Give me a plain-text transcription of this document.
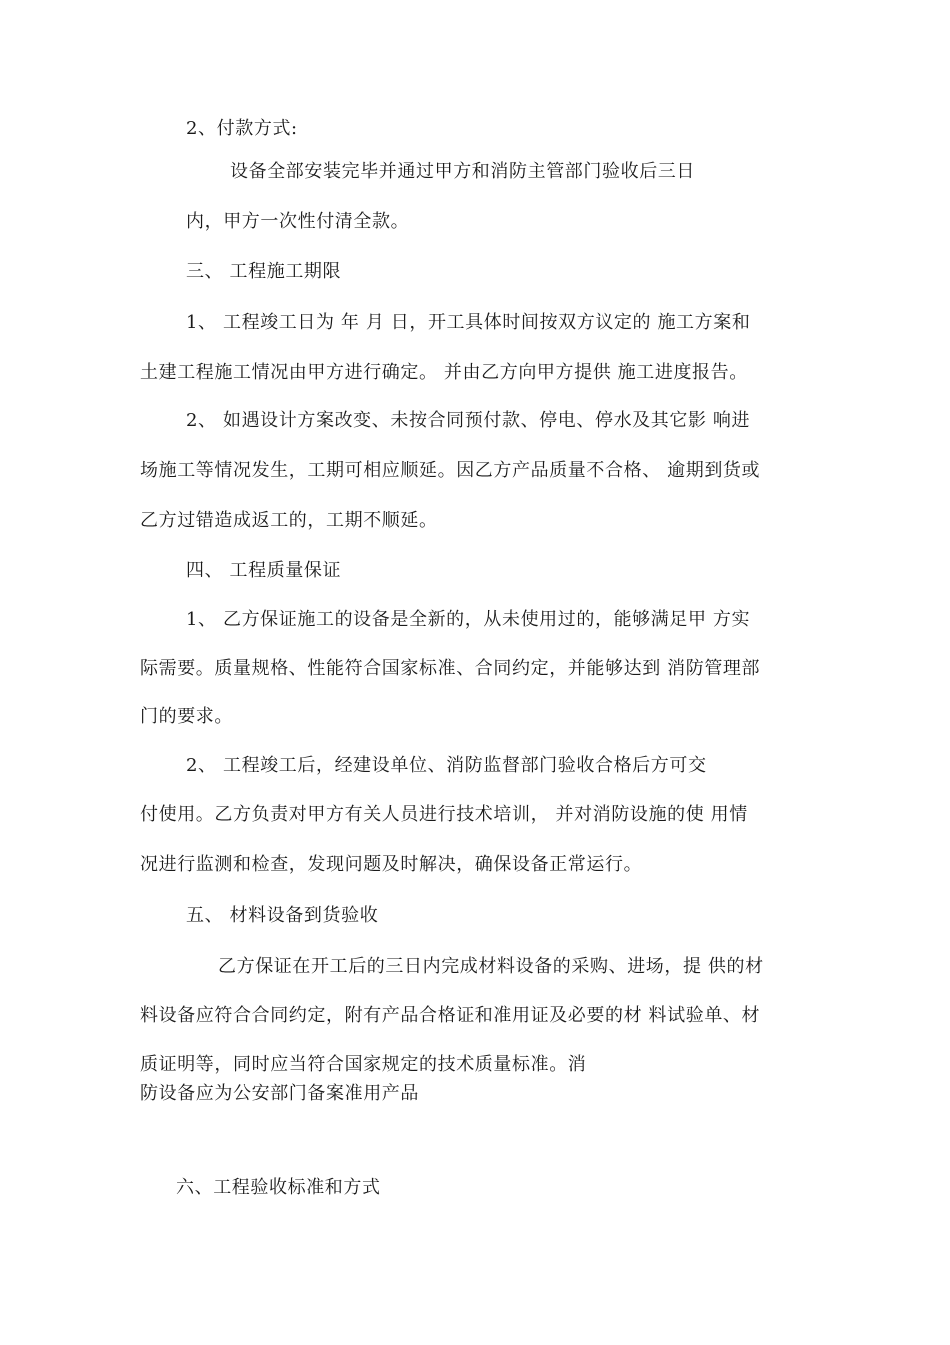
2、付款方式:
设备全部安装完毕并通过甲方和消防主管部门验收后三日
内，甲方一次性付清全款。
三、 工程施工期限
1、 工程竣工日为 年 月 日，开工具体时间按双方议定的 施工方案和
土建工程施工情况由甲方进行确定。 并由乙方向甲方提供 施工进度报告。
2、 如遇设计方案改变、未按合同预付款、停电、停水及其它影 响进
场施工等情况发生，工期可相应顺延。因乙方产品质量不合格、 逾期到货或
乙方过错造成返工的，工期不顺延。
四、 工程质量保证
1、 乙方保证施工的设备是全新的，从未使用过的，能够满足甲 方实
际需要。质量规格、性能符合国家标准、合同约定，并能够达到 消防管理部
门的要求。
2、 工程竣工后，经建设单位、消防监督部门验收合格后方可交
付使用。乙方负责对甲方有关人员进行技术培训， 并对消防设施的使 用情
况进行监测和检查，发现问题及时解决，确保设备正常运行。
五、 材料设备到货验收
乙方保证在开工后的三日内完成材料设备的采购、进场，提 供的材
料设备应符合合同约定，附有产品合格证和准用证及必要的材 料试验单、材
质证明等，同时应当符合国家规定的技术质量标准。消
防设备应为公安部门备案准用产品
六、工程验收标准和方式
